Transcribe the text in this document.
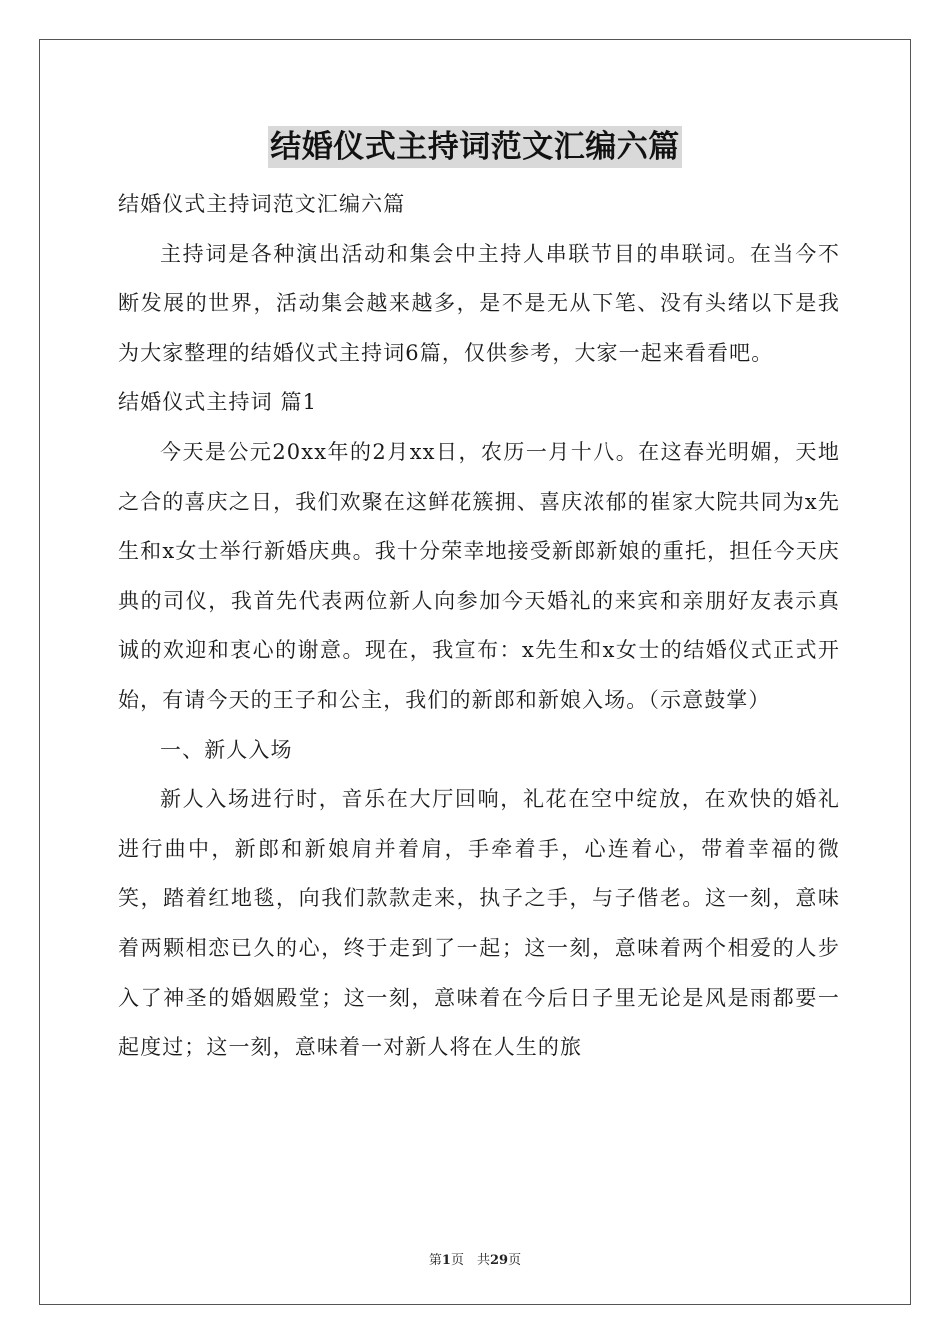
结婚仪式主持词范文汇编六篇

结婚仪式主持词范文汇编六篇

主持词是各种演出活动和集会中主持人串联节目的串联词。在当今不断发展的世界，活动集会越来越多，是不是无从下笔、没有头绪以下是我为大家整理的结婚仪式主持词6篇，仅供参考，大家一起来看看吧。

结婚仪式主持词 篇1

今天是公元20xx年的2月xx日，农历一月十八。在这春光明媚，天地之合的喜庆之日，我们欢聚在这鲜花簇拥、喜庆浓郁的崔家大院共同为x先生和x女士举行新婚庆典。我十分荣幸地接受新郎新娘的重托，担任今天庆典的司仪，我首先代表两位新人向参加今天婚礼的来宾和亲朋好友表示真诚的欢迎和衷心的谢意。现在，我宣布：x先生和x女士的结婚仪式正式开始，有请今天的王子和公主，我们的新郎和新娘入场。（示意鼓掌）

一、新人入场

新人入场进行时，音乐在大厅回响，礼花在空中绽放，在欢快的婚礼进行曲中，新郎和新娘肩并着肩，手牵着手，心连着心，带着幸福的微笑，踏着红地毯，向我们款款走来，执子之手，与子偕老。这一刻，意味着两颗相恋已久的心，终于走到了一起；这一刻，意味着两个相爱的人步入了神圣的婚姻殿堂；这一刻，意味着在今后日子里无论是风是雨都要一起度过；这一刻，意味着一对新人将在人生的旅

第1页　共29页
